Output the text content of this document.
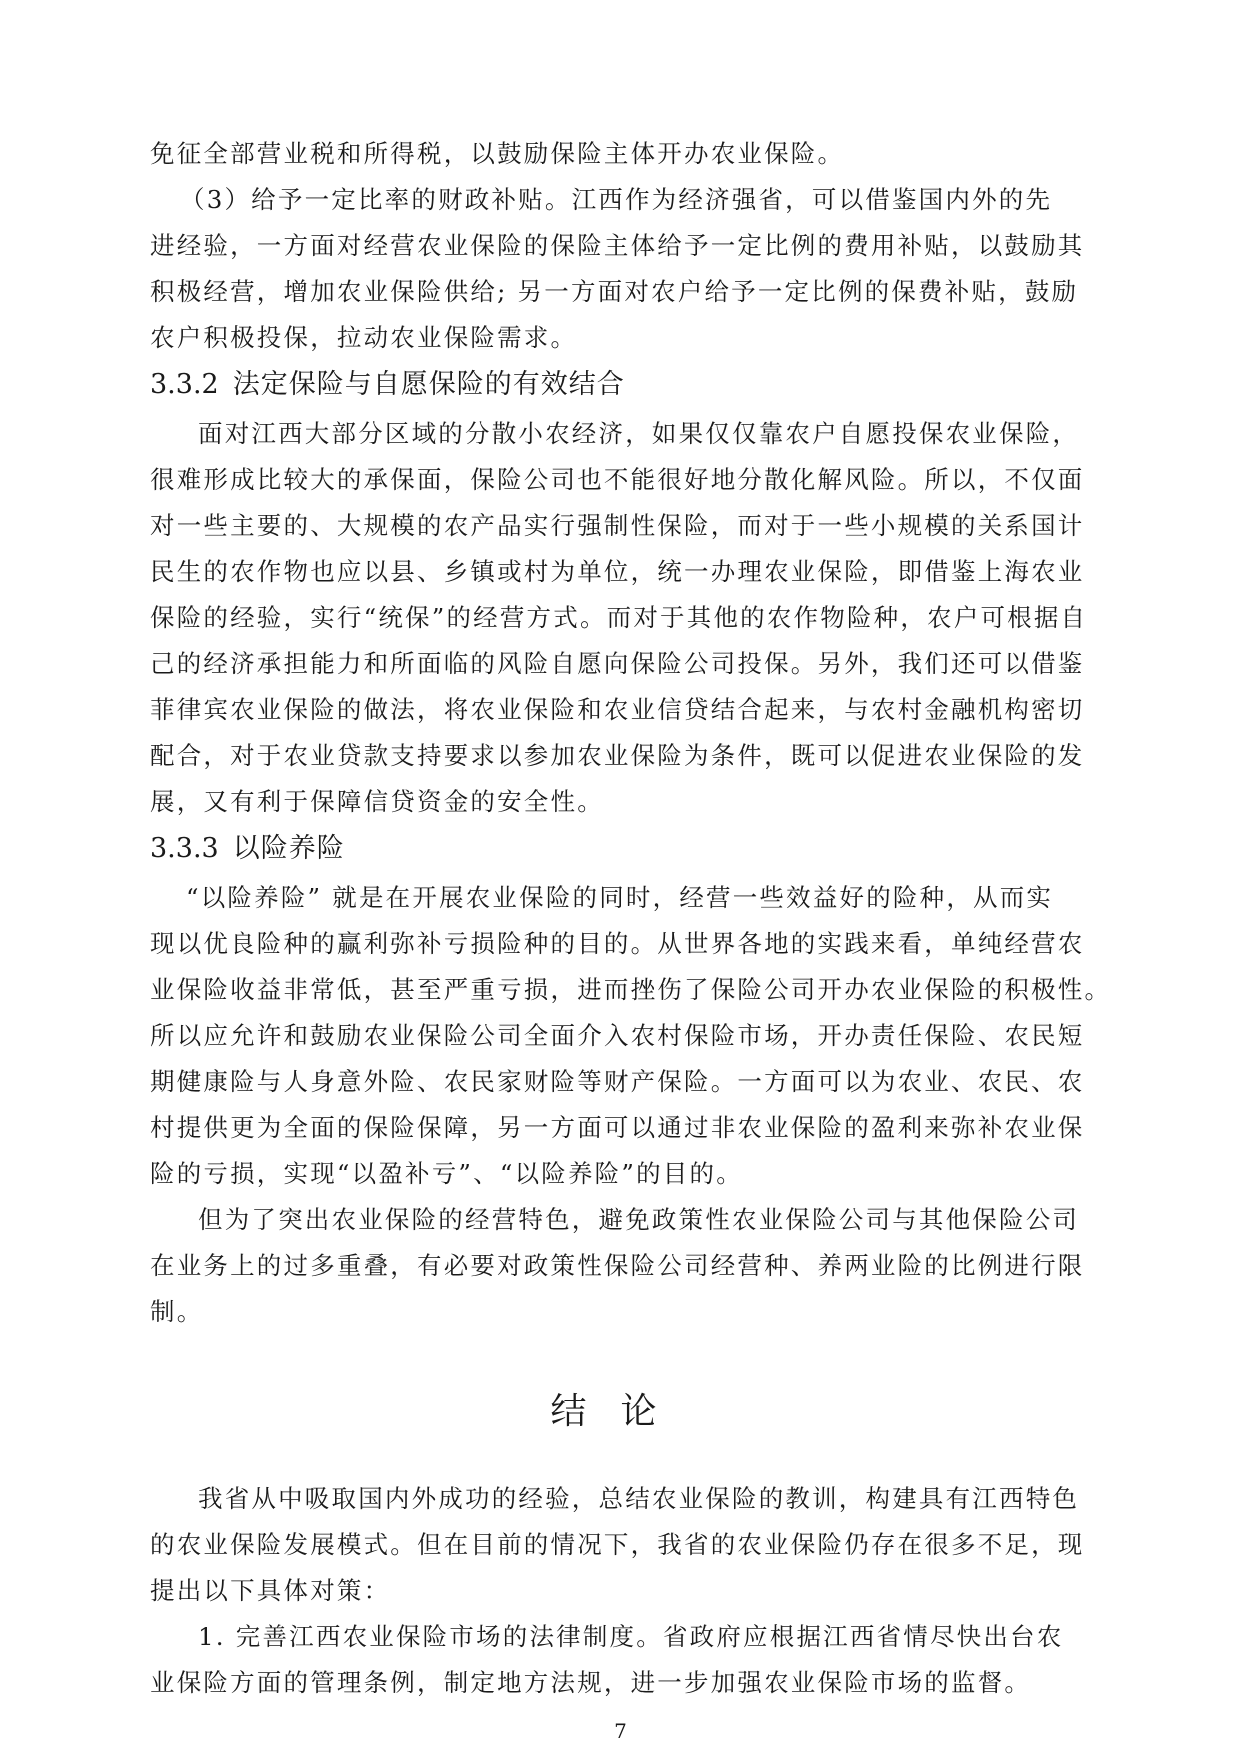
免征全部营业税和所得税，以鼓励保险主体开办农业保险。
（3）给予一定比率的财政补贴。江西作为经济强省，可以借鉴国内外的先
进经验，一方面对经营农业保险的保险主体给予一定比例的费用补贴，以鼓励其
积极经营，增加农业保险供给; 另一方面对农户给予一定比例的保费补贴，鼓励
农户积极投保，拉动农业保险需求。
3.3.2 法定保险与自愿保险的有效结合
面对江西大部分区域的分散小农经济，如果仅仅靠农户自愿投保农业保险，
很难形成比较大的承保面，保险公司也不能很好地分散化解风险。所以，不仅面
对一些主要的、大规模的农产品实行强制性保险，而对于一些小规模的关系国计
民生的农作物也应以县、乡镇或村为单位，统一办理农业保险，即借鉴上海农业
保险的经验，实行“统保”的经营方式。而对于其他的农作物险种，农户可根据自
己的经济承担能力和所面临的风险自愿向保险公司投保。另外，我们还可以借鉴
菲律宾农业保险的做法，将农业保险和农业信贷结合起来，与农村金融机构密切
配合，对于农业贷款支持要求以参加农业保险为条件，既可以促进农业保险的发
展，又有利于保障信贷资金的安全性。
3.3.3 以险养险
“以险养险” 就是在开展农业保险的同时，经营一些效益好的险种，从而实
现以优良险种的赢利弥补亏损险种的目的。从世界各地的实践来看，单纯经营农
业保险收益非常低，甚至严重亏损，进而挫伤了保险公司开办农业保险的积极性。
所以应允许和鼓励农业保险公司全面介入农村保险市场，开办责任保险、农民短
期健康险与人身意外险、农民家财险等财产保险。一方面可以为农业、农民、农
村提供更为全面的保险保障，另一方面可以通过非农业保险的盈利来弥补农业保
险的亏损，实现“以盈补亏”、“以险养险”的目的。
但为了突出农业保险的经营特色，避免政策性农业保险公司与其他保险公司
在业务上的过多重叠，有必要对政策性保险公司经营种、养两业险的比例进行限
制。
结论
我省从中吸取国内外成功的经验，总结农业保险的教训，构建具有江西特色
的农业保险发展模式。但在目前的情况下，我省的农业保险仍存在很多不足，现
提出以下具体对策：
1. 完善江西农业保险市场的法律制度。省政府应根据江西省情尽快出台农
业保险方面的管理条例，制定地方法规，进一步加强农业保险市场的监督。
7
